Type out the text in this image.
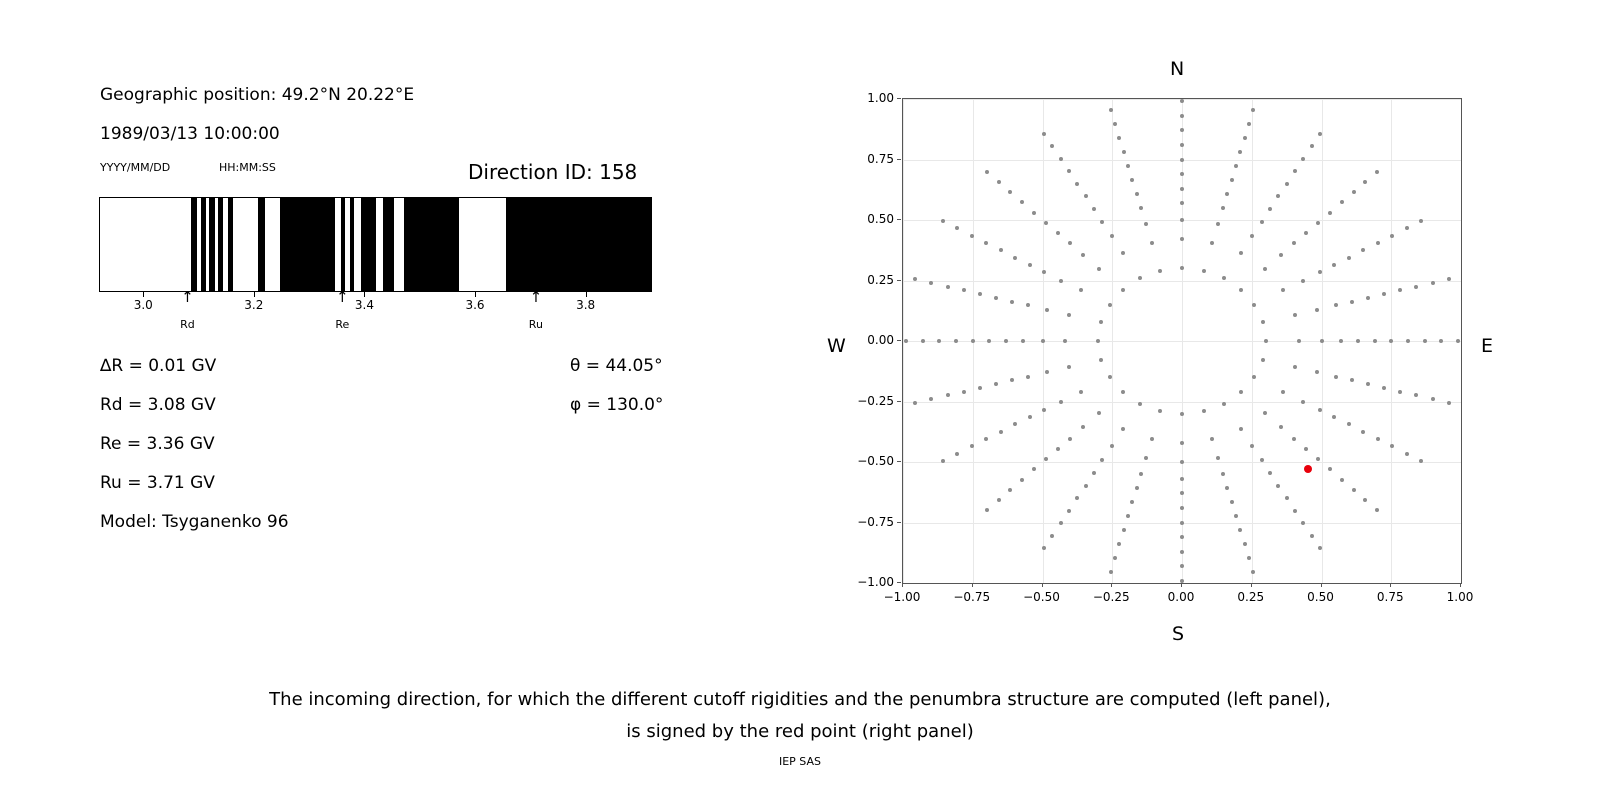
Geographic position: 49.2°N 20.22°E
1989/03/13 10:00:00
YYYY/MM/DD	HH:MM:SS	Direction ID: 158
3.0	3.2	3.4	3.6	3.8
↑
Rd
↑
Re
↑
Ru
∆R = 0.01 GV
Rd = 3.08 GV
Re = 3.36 GV
Ru = 3.71 GV
Model: Tsyganenko 96
θ = 44.05°
φ = 130.0°
−1.00	−0.75	−0.50	−0.25	0.00	0.25	0.50	0.75	1.00
−1.00
−0.75
−0.50
−0.25
0.00
0.25
0.50
0.75
1.00
N
S
W	E
The incoming direction, for which the different cutoff rigidities and the penumbra structure are computed (left panel),
is signed by the red point (right panel)
IEP SAS
